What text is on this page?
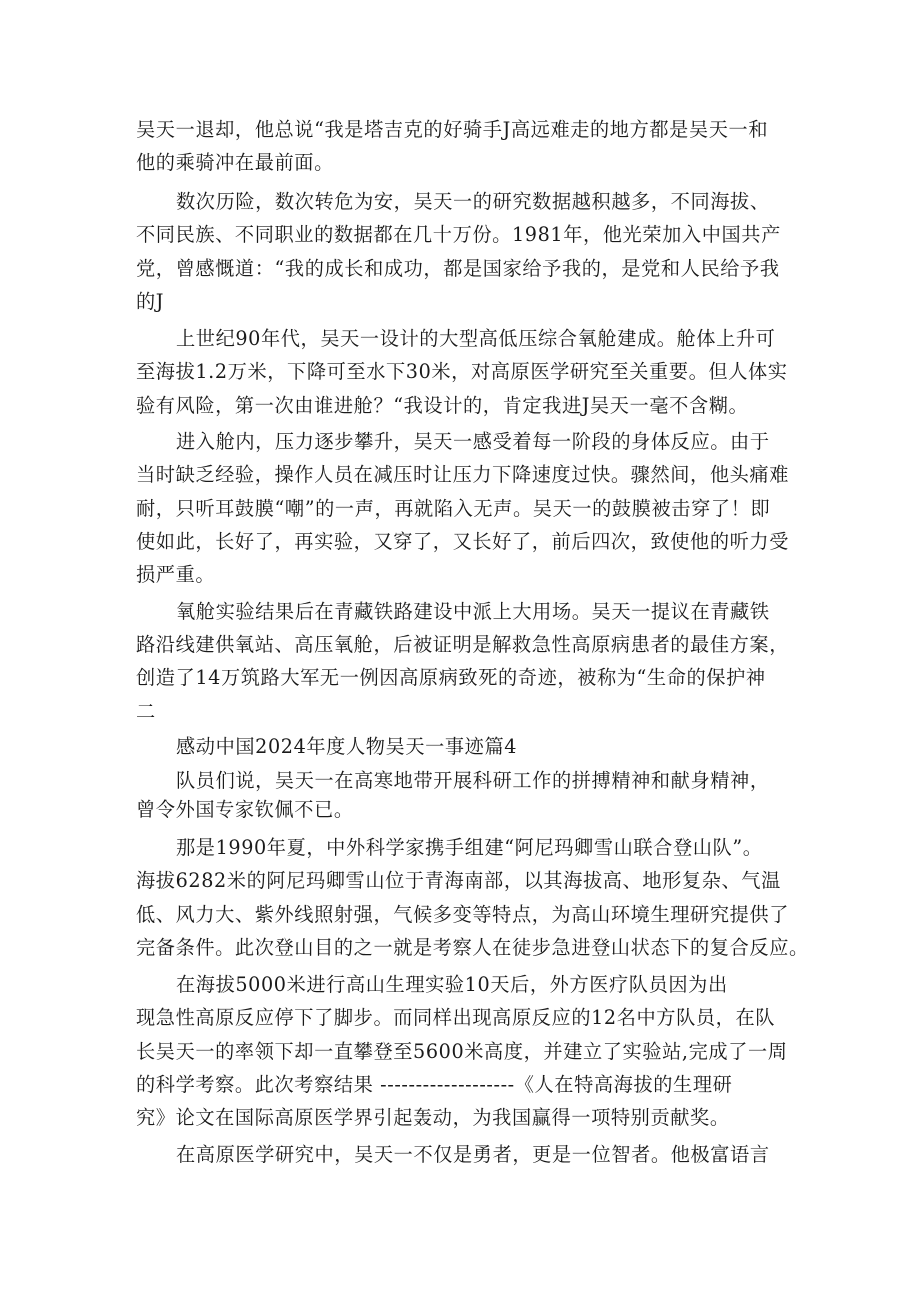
吴天一退却，他总说“我是塔吉克的好骑手J高远难走的地方都是吴天一和
他的乘骑冲在最前面。
数次历险，数次转危为安，吴天一的研究数据越积越多，不同海拔、
不同民族、不同职业的数据都在几十万份。1981年，他光荣加入中国共产
党，曾感慨道：“我的成长和成功，都是国家给予我的，是党和人民给予我
的J
上世纪90年代，吴天一设计的大型高低压综合氧舱建成。舱体上升可
至海拔1.2万米，下降可至水下30米，对高原医学研究至关重要。但人体实
验有风险，第一次由谁进舱？“我设计的，肯定我进J吴天一毫不含糊。
进入舱内，压力逐步攀升，吴天一感受着每一阶段的身体反应。由于
当时缺乏经验，操作人员在减压时让压力下降速度过快。骤然间，他头痛难
耐，只听耳鼓膜“嘲”的一声，再就陷入无声。吴天一的鼓膜被击穿了！即
使如此，长好了，再实验，又穿了，又长好了，前后四次，致使他的听力受
损严重。
氧舱实验结果后在青藏铁路建设中派上大用场。吴天一提议在青藏铁
路沿线建供氧站、高压氧舱，后被证明是解救急性高原病患者的最佳方案，
创造了14万筑路大军无一例因高原病致死的奇迹，被称为“生命的保护神
二
感动中国2024年度人物吴天一事迹篇4
队员们说，吴天一在高寒地带开展科研工作的拼搏精神和献身精神，
曾令外国专家钦佩不已。
那是1990年夏，中外科学家携手组建“阿尼玛卿雪山联合登山队”。
海拔6282米的阿尼玛卿雪山位于青海南部，以其海拔高、地形复杂、气温
低、风力大、紫外线照射强，气候多变等特点，为高山环境生理研究提供了
完备条件。此次登山目的之一就是考察人在徒步急进登山状态下的复合反应。
在海拔5000米进行高山生理实验10天后，外方医疗队员因为出
现急性高原反应停下了脚步。而同样出现高原反应的12名中方队员，在队
长吴天一的率领下却一直攀登至5600米高度，并建立了实验站,完成了一周
的科学考察。此次考察结果 -------------------《人在特高海拔的生理研
究》论文在国际高原医学界引起轰动，为我国赢得一项特别贡献奖。
在高原医学研究中，吴天一不仅是勇者，更是一位智者。他极富语言
